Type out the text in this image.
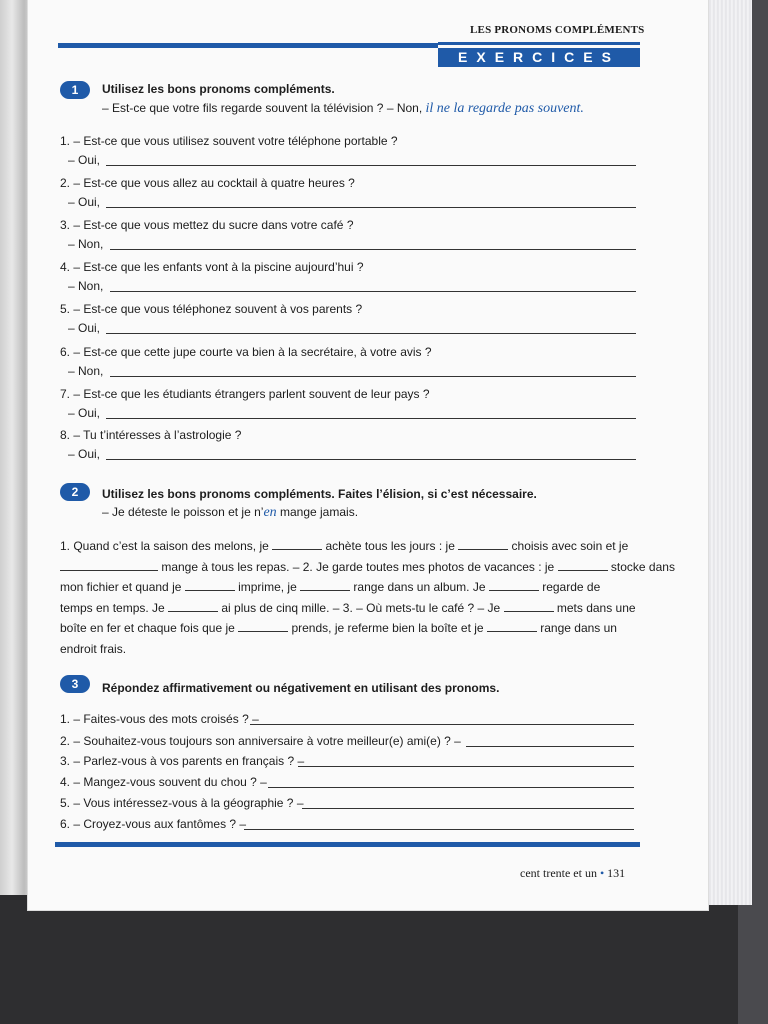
LES PRONOMS COMPLÉMENTS
EXERCICES
1	Utilisez les bons pronoms compléments.
– Est-ce que votre fils regarde souvent la télévision ? – Non, il ne la regarde pas souvent.
1. – Est-ce que vous utilisez souvent votre téléphone portable ?
– Oui,
2. – Est-ce que vous allez au cocktail à quatre heures ?
– Oui,
3. – Est-ce que vous mettez du sucre dans votre café ?
– Non,
4. – Est-ce que les enfants vont à la piscine aujourd’hui ?
– Non,
5. – Est-ce que vous téléphonez souvent à vos parents ?
– Oui,
6. – Est-ce que cette jupe courte va bien à la secrétaire, à votre avis ?
– Non,
7. – Est-ce que les étudiants étrangers parlent souvent de leur pays ?
– Oui,
8. – Tu t’intéresses à l’astrologie ?
– Oui,
2	Utilisez les bons pronoms compléments. Faites l’élision, si c’est nécessaire.
– Je déteste le poisson et je n’en mange jamais.

1. Quand c’est la saison des melons, je	achète tous les jours : je	choisis avec soin et je

mange à tous les repas. – 2. Je garde toutes mes photos de vacances : je	stocke dans

mon fichier et quand je	imprime, je	range dans un album. Je	regarde de

temps en temps. Je	ai plus de cinq mille. – 3. – Où mets-tu le café ? – Je	mets dans une

boîte en fer et chaque fois que je	prends, je referme bien la boîte et je	range dans un

endroit frais.

3	Répondez affirmativement ou négativement en utilisant des pronoms.
1. – Faites-vous des mots croisés ? –
2. – Souhaitez-vous toujours son anniversaire à votre meilleur(e) ami(e) ? –
3. – Parlez-vous à vos parents en français ? –
4. – Mangez-vous souvent du chou ? –
5. – Vous intéressez-vous à la géographie ? –
6. – Croyez-vous aux fantômes ? –
cent trente et un • 131
